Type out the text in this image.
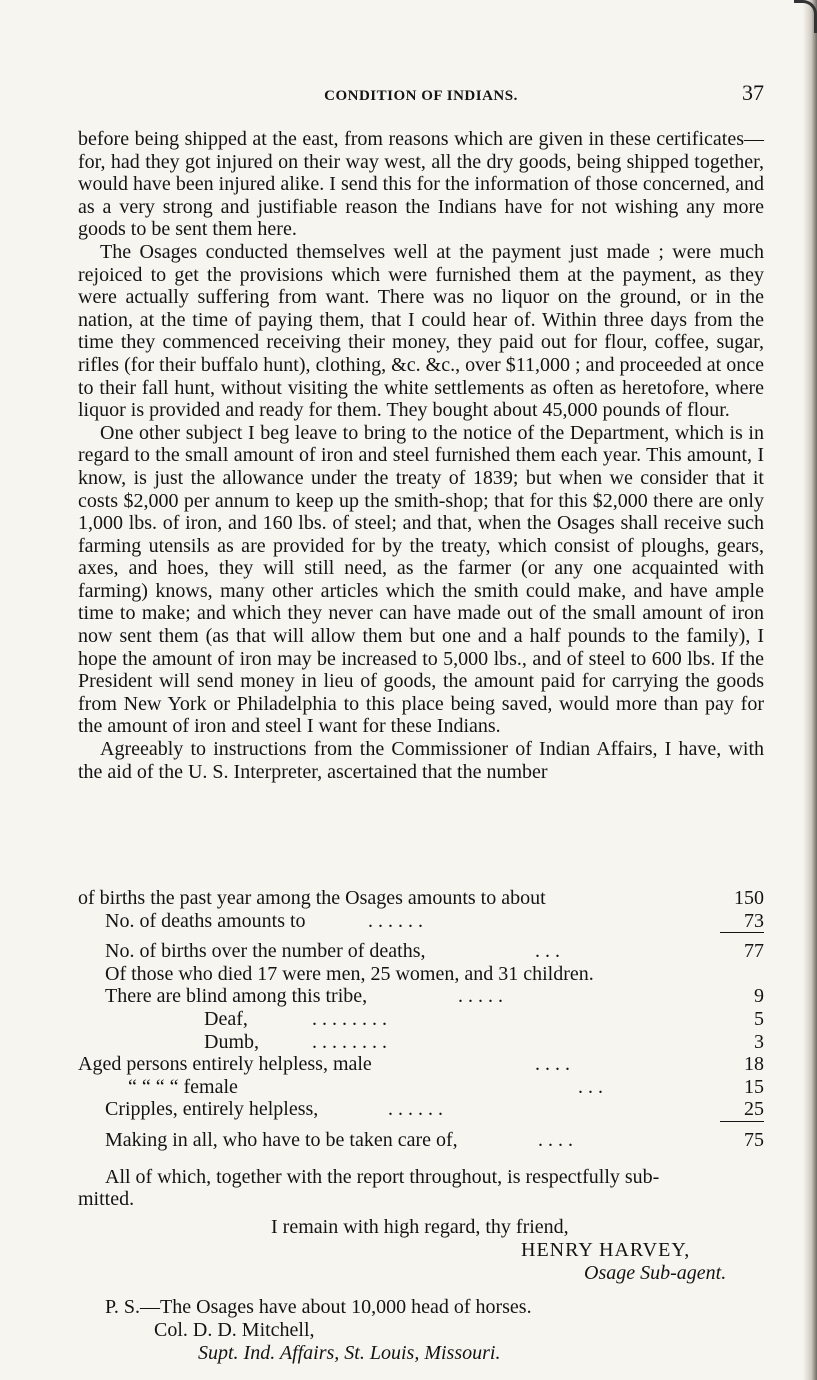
CONDITION OF INDIANS.	37

before being shipped at the east, from reasons which are given in these certificates—for, had they got injured on their way west, all the dry goods, being shipped together, would have been injured alike. I send this for the information of those concerned, and as a very strong and justifiable reason the Indians have for not wishing any more goods to be sent them here.

The Osages conducted themselves well at the payment just made ; were much rejoiced to get the provisions which were furnished them at the payment, as they were actually suffering from want. There was no liquor on the ground, or in the nation, at the time of paying them, that I could hear of. Within three days from the time they commenced receiving their money, they paid out for flour, coffee, sugar, rifles (for their buffalo hunt), clothing, &c. &c., over $11,000 ; and proceeded at once to their fall hunt, without visiting the white settlements as often as heretofore, where liquor is provided and ready for them. They bought about 45,000 pounds of flour.

One other subject I beg leave to bring to the notice of the Department, which is in regard to the small amount of iron and steel furnished them each year. This amount, I know, is just the allowance under the treaty of 1839; but when we consider that it costs $2,000 per annum to keep up the smith-shop; that for this $2,000 there are only 1,000 lbs. of iron, and 160 lbs. of steel; and that, when the Osages shall receive such farming utensils as are provided for by the treaty, which consist of ploughs, gears, axes, and hoes, they will still need, as the farmer (or any one acquainted with farming) knows, many other articles which the smith could make, and have ample time to make; and which they never can have made out of the small amount of iron now sent them (as that will allow them but one and a half pounds to the family), I hope the amount of iron may be increased to 5,000 lbs., and of steel to 600 lbs. If the President will send money in lieu of goods, the amount paid for carrying the goods from New York or Philadelphia to this place being saved, would more than pay for the amount of iron and steel I want for these Indians.

Agreeably to instructions from the Commissioner of Indian Affairs, I have, with the aid of the U. S. Interpreter, ascertained that the number

of births the past year among the Osages amounts to about	150
No. of deaths amounts to	. . . . . .	73
No. of births over the number of deaths,	. . .	77
Of those who died 17 were men, 25 women, and 31 children.
There are blind among this tribe,	. . . . .	9
Deaf,	. . . . . . . .	5
Dumb,	. . . . . . . .	3
Aged persons entirely helpless, male	. . . .	18
“ “ “ “ female	. . .	15
Cripples, entirely helpless,	. . . . . .	25
Making in all, who have to be taken care of,	. . . .	75
All of which, together with the report throughout, is respectfully sub-
mitted.
I remain with high regard, thy friend,
HENRY HARVEY,
Osage Sub-agent.
P. S.—The Osages have about 10,000 head of horses.
Col. D. D. Mitchell,
Supt. Ind. Affairs, St. Louis, Missouri.
